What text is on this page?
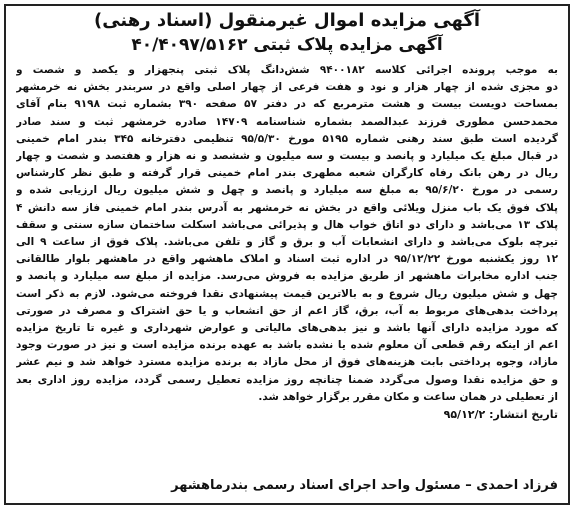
آگهی مزایده اموال غیرمنقول (اسناد رهنی)
آگهی مزایده پلاک ثبتی ۴۰/۴۰۹۷/۵۱۶۲
به موجب پرونده اجرائی کلاسه ۹۴۰۰۱۸۲ شش‌دانگ پلاک ثبتی پنجهزار و یکصد و شصت و
دو مجزی شده از چهار هزار و نود و هفت فرعی از چهار اصلی واقع در سربندر بخش نه خرمشهر
بمساحت دویست بیست و هشت مترمربع که در دفتر ۵۷ صفحه ۳۹۰ بشماره ثبت ۹۱۹۸ بنام آقای
محمدحسن مطوری فرزند عبدالصمد بشماره شناسنامه ۱۴۷۰۹ صادره خرمشهر ثبت و سند صادر
گردیده است طبق سند رهنی شماره ۵۱۹۵ مورخ ۹۵/۵/۳۰ تنظیمی دفترخانه ۳۴۵ بندر امام خمینی
در قبال مبلغ یک میلیارد و پانصد و بیست و سه میلیون و ششصد و نه هزار و هفتصد و شصت و چهار
ریال در رهن بانک رفاه کارگران شعبه مطهری بندر امام خمینی قرار گرفته و طبق نظر کارشناس
رسمی در مورخ ۹۵/۶/۲۰ به مبلغ سه میلیارد و پانصد و چهل و شش میلیون ریال ارزیابی شده و
پلاک فوق یک باب منزل ویلائی واقع در بخش نه خرمشهر به آدرس بندر امام خمینی فاز سه دانش ۴
پلاک ۱۳ می‌باشد و دارای دو اتاق خواب هال و پذیرائی می‌باشد اسکلت ساختمان سازه سنتی و سقف
تیرچه بلوک می‌باشد و دارای انشعابات آب و برق و گاز و تلفن می‌باشد. پلاک فوق از ساعت ۹ الی
۱۲ روز یکشنبه مورخ ۹۵/۱۲/۲۲ در اداره ثبت اسناد و املاک ماهشهر واقع در ماهشهر بلوار طالقانی
جنب اداره مخابرات ماهشهر از طریق مزایده به فروش می‌رسد. مزایده از مبلغ سه میلیارد و پانصد و
چهل و شش میلیون ریال شروع و به بالاترین قیمت پیشنهادی نقدا فروخته می‌شود. لازم به ذکر است
پرداخت بدهی‌های مربوط به آب، برق، گاز اعم از حق انشعاب و یا حق اشتراک و مصرف در صورتی
که مورد مزایده دارای آنها باشد و نیز بدهی‌های مالیاتی و عوارض شهرداری و غیره تا تاریخ مزایده
اعم از اینکه رقم قطعی آن معلوم شده یا نشده باشد به عهده برنده مزایده است و نیز در صورت وجود
مازاد، وجوه پرداختی بابت هزینه‌های فوق از محل مازاد به برنده مزایده مسترد خواهد شد و نیم عشر
و حق مزایده نقدا وصول می‌گردد ضمنا چنانچه روز مزایده تعطیل رسمی گردد، مزایده روز اداری بعد
از تعطیلی در همان ساعت و مکان مقرر برگزار خواهد شد.
تاریخ انتشار: ۹۵/۱۲/۲
فرزاد احمدی – مسئول واحد اجرای اسناد رسمی بندرماهشهر
